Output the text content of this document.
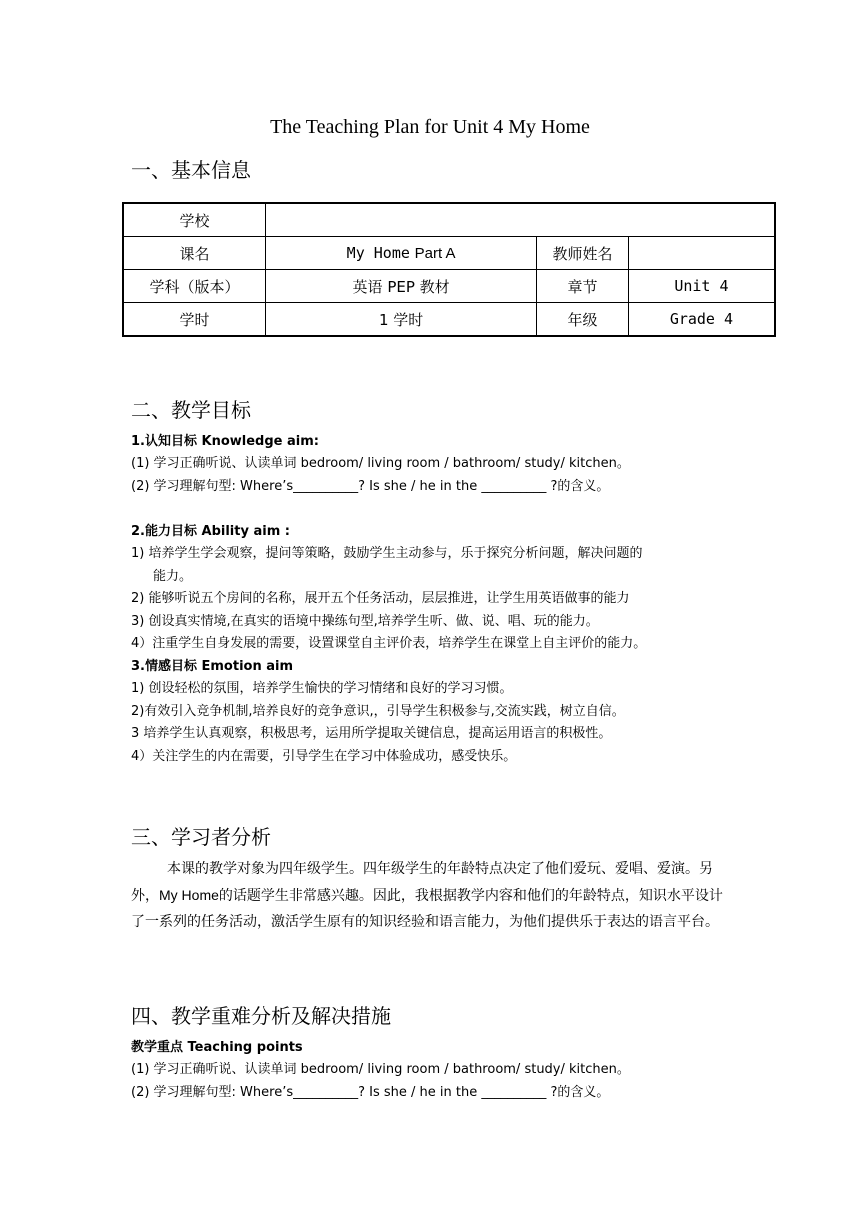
The Teaching Plan for Unit 4 My Home
一、基本信息
学校			
课名	My Home Part A	教师姓名	
学科（版本）	英语 PEP 教材	章节	Unit 4
学时	1 学时	年级	Grade 4
二、教学目标
1.认知目标 Knowledge aim:
(1) 学习正确听说、认读单词 bedroom/ living room / bathroom/ study/ kitchen。
(2) 学习理解句型: Where’s__________? Is she / he in the __________ ?的含义。
2.能力目标 Ability aim :
1) 培养学生学会观察，提问等策略，鼓励学生主动参与，乐于探究分析问题，解决问题的
能力。
2) 能够听说五个房间的名称，展开五个任务活动，层层推进，让学生用英语做事的能力
3) 创设真实情境,在真实的语境中操练句型,培养学生听、做、说、唱、玩的能力。
4）注重学生自身发展的需要，设置课堂自主评价表，培养学生在课堂上自主评价的能力。
3.情感目标 Emotion aim
1) 创设轻松的氛围，培养学生愉快的学习情绪和良好的学习习惯。
2)有效引入竞争机制,培养良好的竞争意识,，引导学生积极参与,交流实践，树立自信。
3 培养学生认真观察，积极思考，运用所学提取关键信息，提高运用语言的积极性。
4）关注学生的内在需要，引导学生在学习中体验成功，感受快乐。
三、学习者分析
本课的教学对象为四年级学生。四年级学生的年龄特点决定了他们爱玩、爱唱、爱演。另外，My Home的话题学生非常感兴趣。因此，我根据教学内容和他们的年龄特点，知识水平设计了一系列的任务活动，激活学生原有的知识经验和语言能力，为他们提供乐于表达的语言平台。
四、教学重难分析及解决措施
教学重点 Teaching points
(1) 学习正确听说、认读单词 bedroom/ living room / bathroom/ study/ kitchen。
(2) 学习理解句型: Where’s__________? Is she / he in the __________ ?的含义。
